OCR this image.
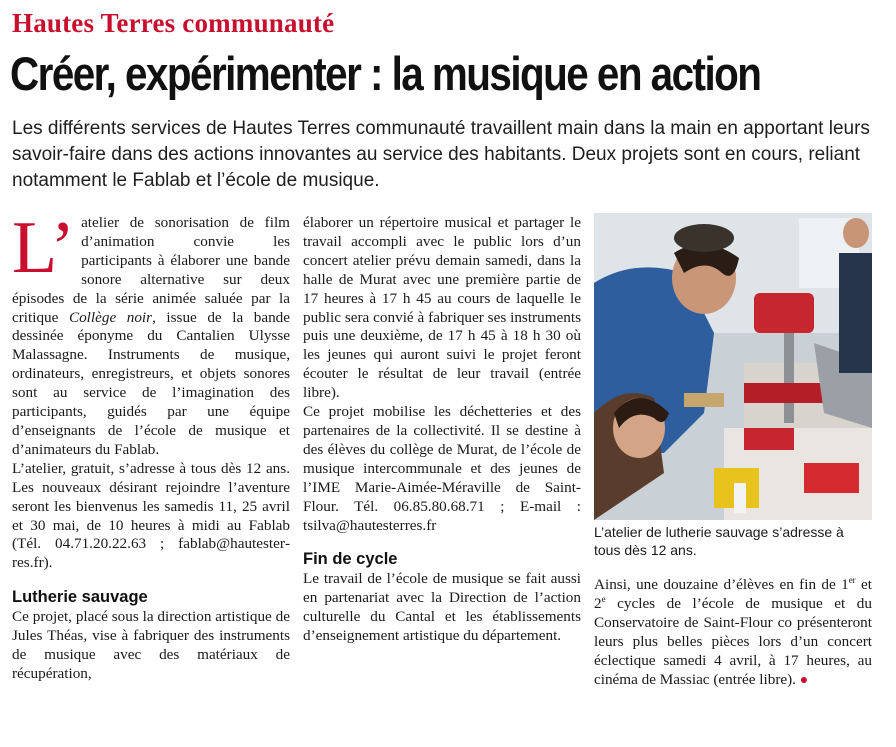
Hautes Terres communauté
Créer, expérimenter : la musique en action
Les différents services de Hautes Terres communauté travaillent main dans la main en apportant leurs savoir-faire dans des actions innovantes au service des habitants. Deux projets sont en cours, reliant notamment le Fablab et l’école de musique.
L’ atelier de sonorisation de film d’animation convie les participants à élaborer une bande sonore alternative sur deux épisodes de la série animée saluée par la critique Collège noir, issue de la bande dessinée éponyme du Cantalien Ulysse Malassagne. Instruments de musique, ordinateurs, enregistreurs, et objets sonores sont au service de l’imagination des participants, guidés par une équipe d’enseignants de l’école de musique et d’animateurs du Fablab.

L’atelier, gratuit, s’adresse à tous dès 12 ans. Les nouveaux désirant rejoindre l’aventure seront les bienvenus les samedis 11, 25 avril et 30 mai, de 10 heures à midi au Fablab (Tél. 04.71.20.22.63 ; fablab@hautesterres.fr).

Lutherie sauvage

Ce projet, placé sous la direction artistique de Jules Théas, vise à fabriquer des instruments de musique avec des matériaux de récupération,

élaborer un répertoire musical et partager le travail accompli avec le public lors d’un concert atelier prévu demain samedi, dans la halle de Murat avec une première partie de 17 heures à 17 h 45 au cours de laquelle le public sera convié à fabriquer ses instruments puis une deuxième, de 17 h 45 à 18 h 30 où les jeunes qui auront suivi le projet feront écouter le résultat de leur travail (entrée libre).

Ce projet mobilise les déchetteries et des partenaires de la collectivité. Il se destine à des élèves du collège de Murat, de l’école de musique intercommunale et des jeunes de l’IME Marie-Aimée-Méraville de Saint-Flour. Tél. 06.85.80.68.71 ; E-mail : tsilva@hautesterres.fr

Fin de cycle

Le travail de l’école de musique se fait aussi en partenariat avec la Direction de l’action culturelle du Cantal et les établissements d’enseignement artistique du département.

L’atelier de lutherie sauvage s’adresse à tous dès 12 ans.

Ainsi, une douzaine d’élèves en fin de 1er et 2e cycles de l’école de musique et du Conservatoire de Saint-Flour co présenteront leurs plus belles pièces lors d’un concert éclectique samedi 4 avril, à 17 heures, au cinéma de Massiac (entrée libre). ●
